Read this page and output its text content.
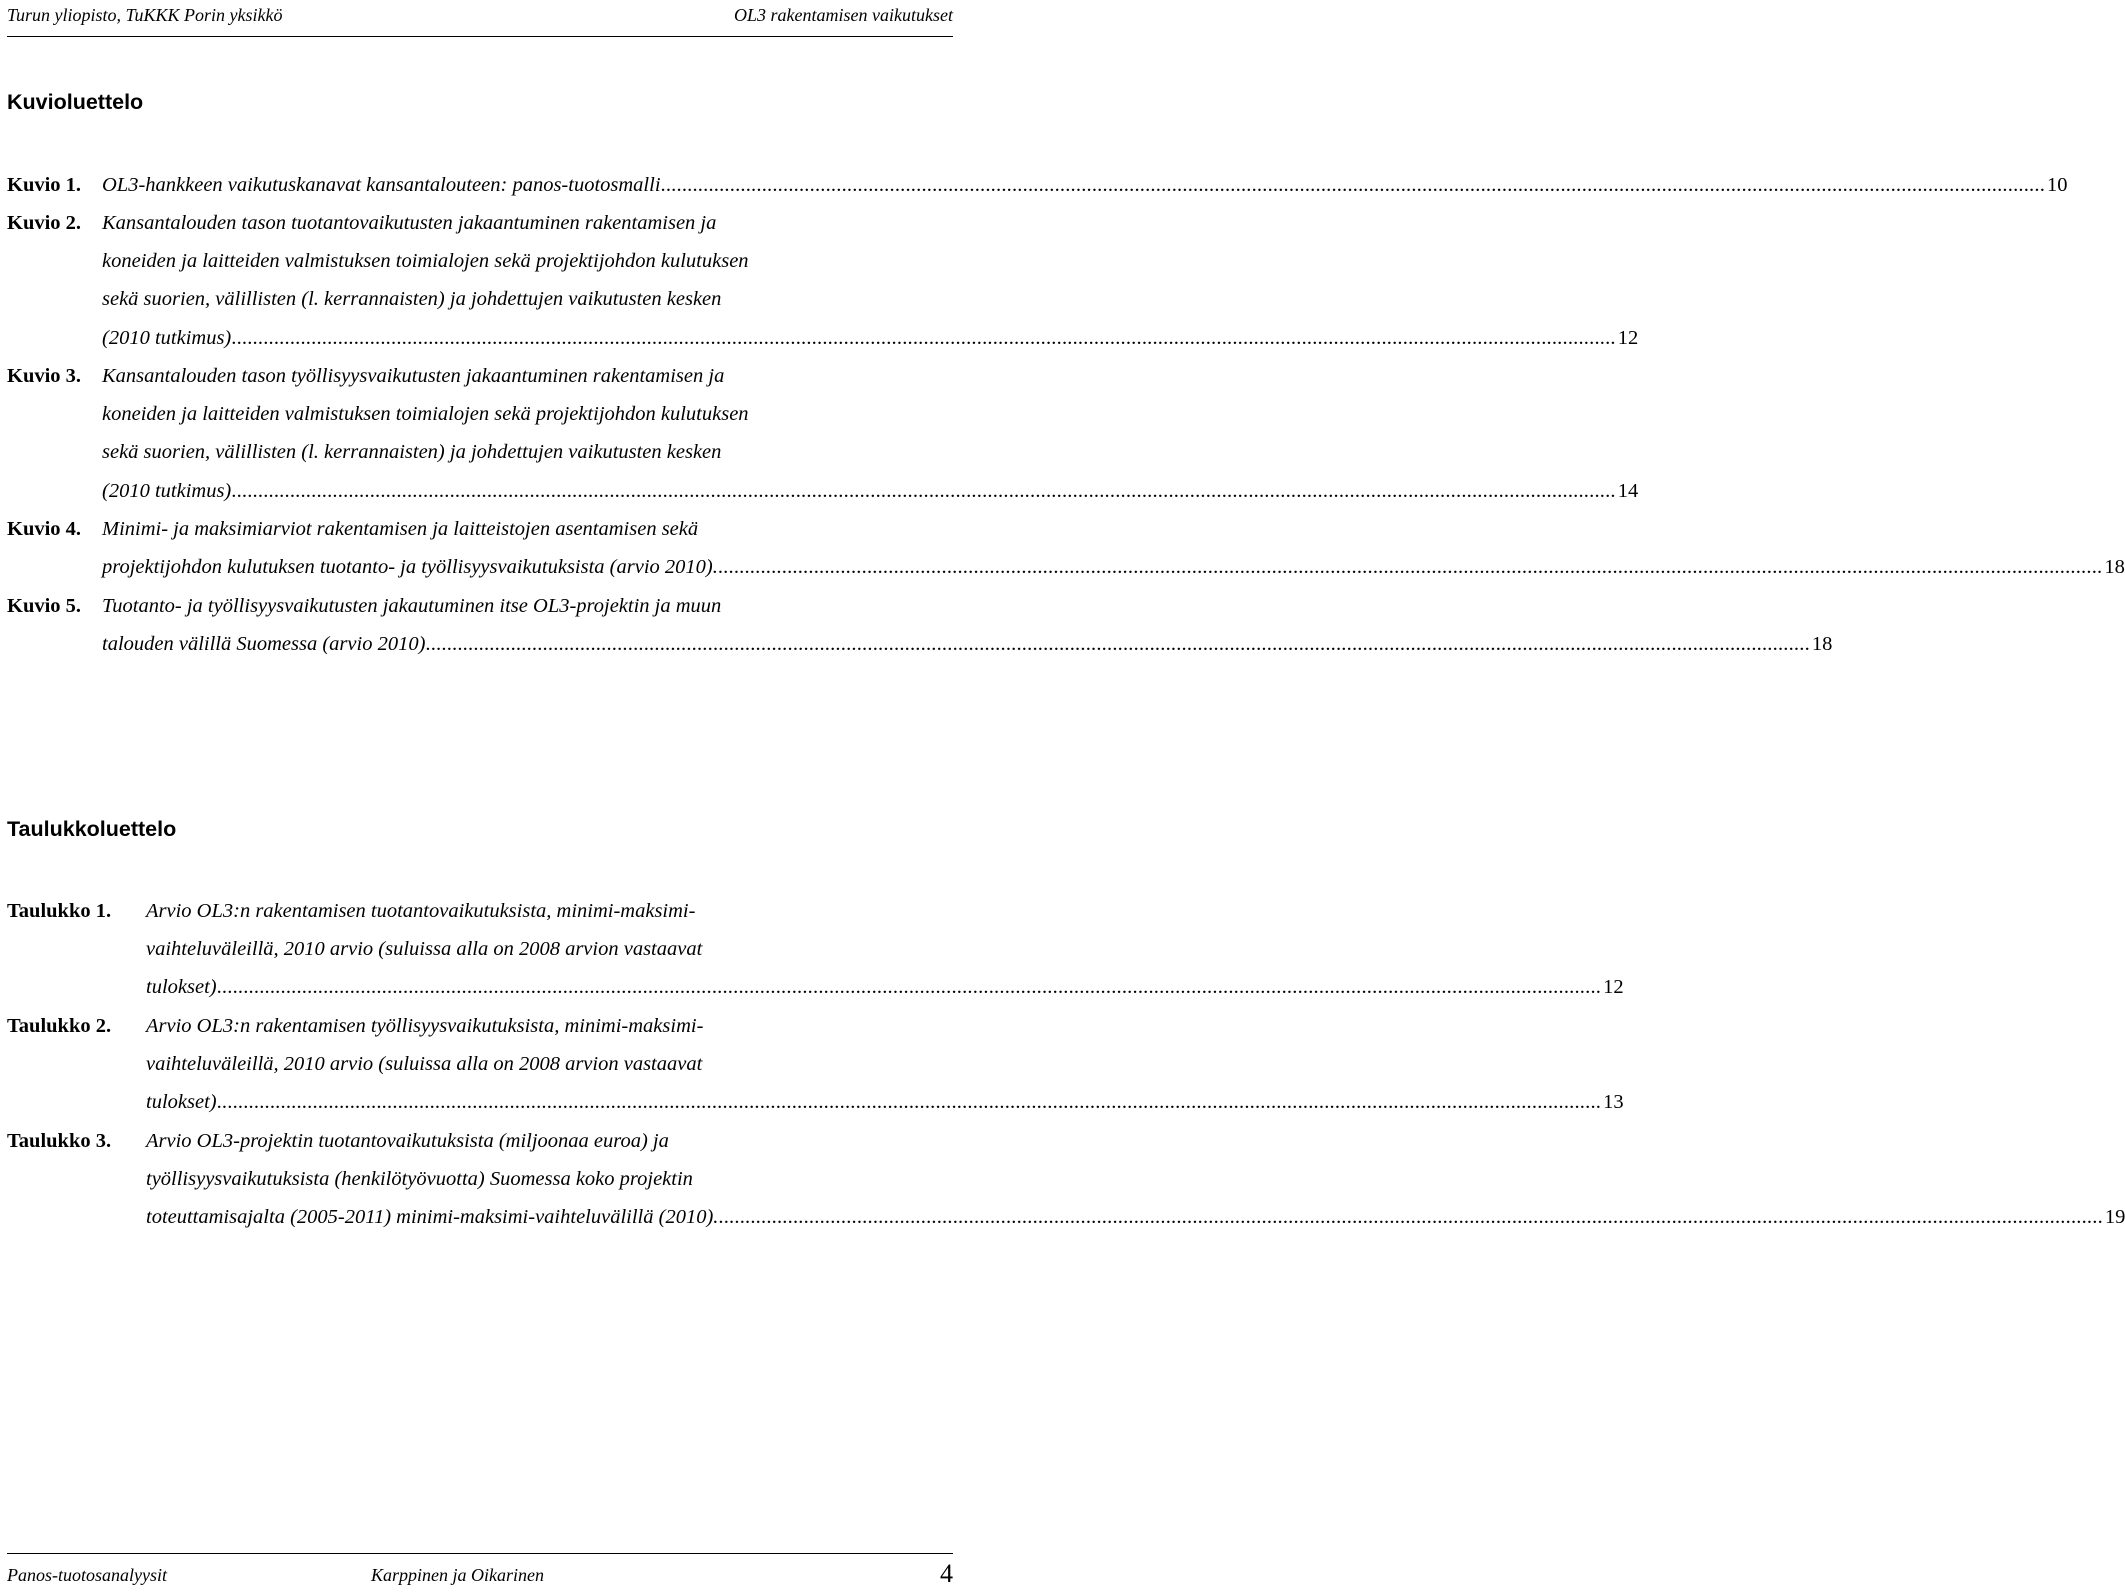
Turun yliopisto, TuKKK Porin yksikkö	OL3 rakentamisen vaikutukset
Kuvioluettelo
Kuvio 1. OL3-hankkeen vaikutuskanavat kansantalouteen: panos-tuotosmalli .................................................................................................................................................................................................................................................................... 10
Kuvio 2. Kansantalouden tason tuotantovaikutusten jakaantuminen rakentamisen ja
koneiden ja laitteiden valmistuksen toimialojen sekä projektijohdon kulutuksen
sekä suorien, välillisten (l. kerrannaisten) ja johdettujen vaikutusten kesken
(2010 tutkimus) .................................................................................................................................................................................................................................................................... 12
Kuvio 3. Kansantalouden tason työllisyysvaikutusten jakaantuminen rakentamisen ja
koneiden ja laitteiden valmistuksen toimialojen sekä projektijohdon kulutuksen
sekä suorien, välillisten (l. kerrannaisten) ja johdettujen vaikutusten kesken
(2010 tutkimus) .................................................................................................................................................................................................................................................................... 14
Kuvio 4. Minimi- ja maksimiarviot rakentamisen ja laitteistojen asentamisen sekä
projektijohdon kulutuksen tuotanto- ja työllisyysvaikutuksista (arvio 2010). .................................................................................................................................................................................................................................................................... 18
Kuvio 5. Tuotanto- ja työllisyysvaikutusten jakautuminen itse OL3-projektin ja muun
talouden välillä Suomessa (arvio 2010) .................................................................................................................................................................................................................................................................... 18
Taulukkoluettelo
Taulukko 1. Arvio OL3:n rakentamisen tuotantovaikutuksista, minimi-maksimi-
vaihteluväleillä, 2010 arvio (suluissa alla on 2008 arvion vastaavat
tulokset) .................................................................................................................................................................................................................................................................... 12
Taulukko 2. Arvio OL3:n rakentamisen työllisyysvaikutuksista, minimi-maksimi-
vaihteluväleillä, 2010 arvio (suluissa alla on 2008 arvion vastaavat
tulokset) .................................................................................................................................................................................................................................................................... 13
Taulukko 3. Arvio OL3-projektin tuotantovaikutuksista (miljoonaa euroa) ja
työllisyysvaikutuksista (henkilötyövuotta) Suomessa koko projektin
toteuttamisajalta (2005-2011) minimi-maksimi-vaihteluvälillä (2010). .................................................................................................................................................................................................................................................................... 19
Panos-tuotosanalyysit	Karppinen ja Oikarinen	4
